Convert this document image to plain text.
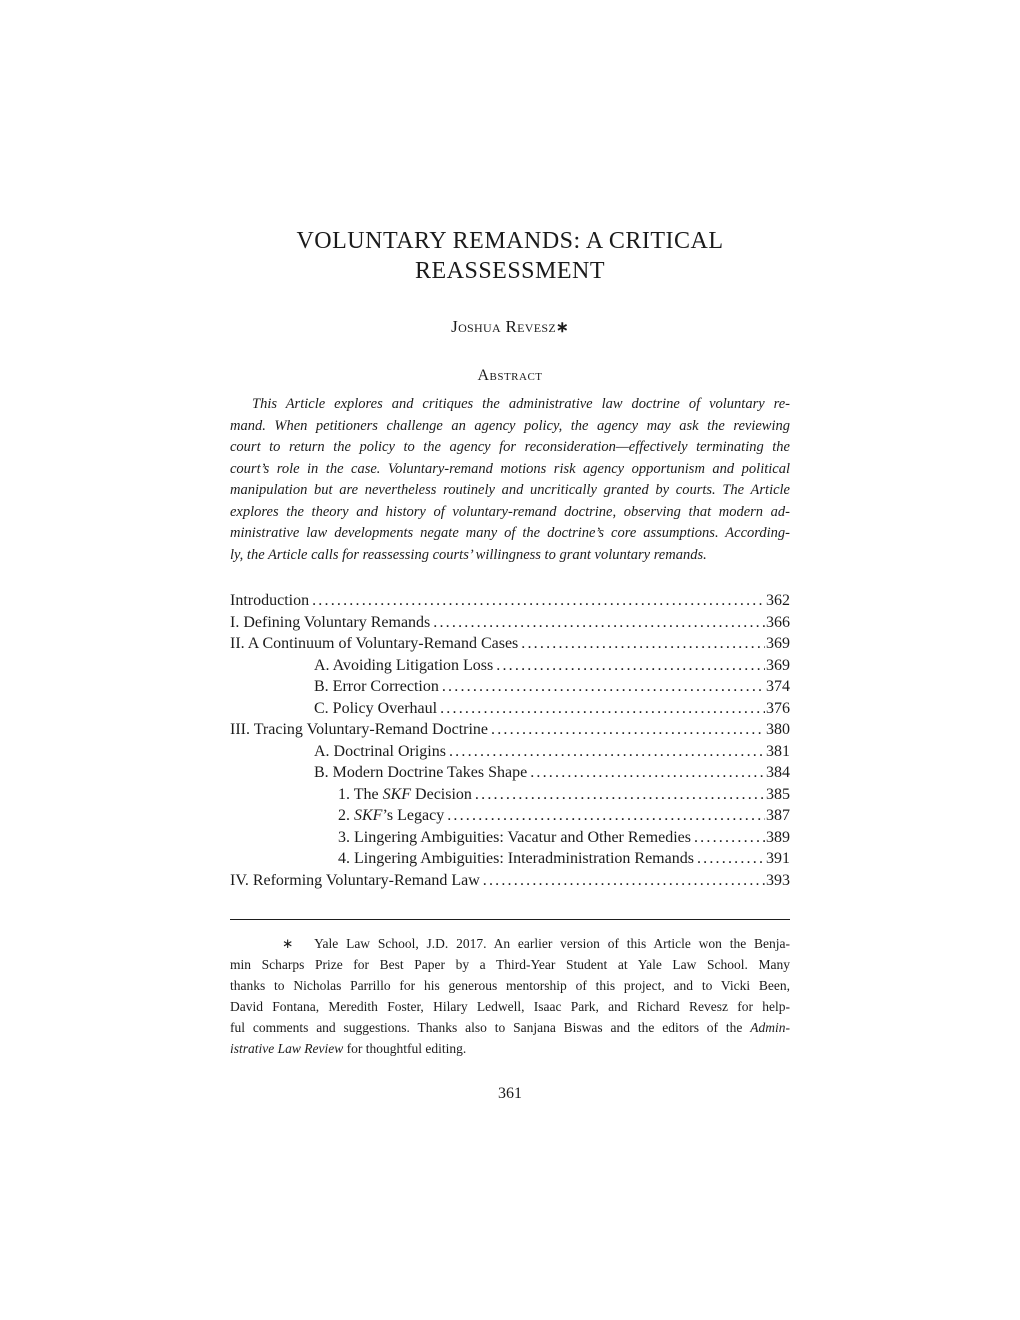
VOLUNTARY REMANDS: A CRITICAL
REASSESSMENT
Joshua Revesz∗
Abstract
This Article explores and critiques the administrative law doctrine of voluntary re-
mand. When petitioners challenge an agency policy, the agency may ask the reviewing
court to return the policy to the agency for reconsideration—effectively terminating the
court’s role in the case. Voluntary-remand motions risk agency opportunism and political
manipulation but are nevertheless routinely and uncritically granted by courts. The Article
explores the theory and history of voluntary-remand doctrine, observing that modern ad-
ministrative law developments negate many of the doctrine’s core assumptions. According-
ly, the Article calls for reassessing courts’ willingness to grant voluntary remands.
Introduction .....	362
I. Defining Voluntary Remands .....	366
II. A Continuum of Voluntary-Remand Cases .....	369
A. Avoiding Litigation Loss .....	369
B. Error Correction .....	374
C. Policy Overhaul .....	376
III. Tracing Voluntary-Remand Doctrine .....	380
A. Doctrinal Origins .....	381
B. Modern Doctrine Takes Shape .....	384
1. The SKF Decision .....	385
2. SKF’s Legacy .....	387
3. Lingering Ambiguities: Vacatur and Other Remedies .....	389
4. Lingering Ambiguities: Interadministration Remands .....	391
IV. Reforming Voluntary-Remand Law .....	393
∗  Yale Law School, J.D. 2017. An earlier version of this Article won the Benja-
min Scharps Prize for Best Paper by a Third-Year Student at Yale Law School. Many
thanks to Nicholas Parrillo for his generous mentorship of this project, and to Vicki Been,
David Fontana, Meredith Foster, Hilary Ledwell, Isaac Park, and Richard Revesz for help-
ful comments and suggestions. Thanks also to Sanjana Biswas and the editors of the Admin-
istrative Law Review for thoughtful editing.
361
